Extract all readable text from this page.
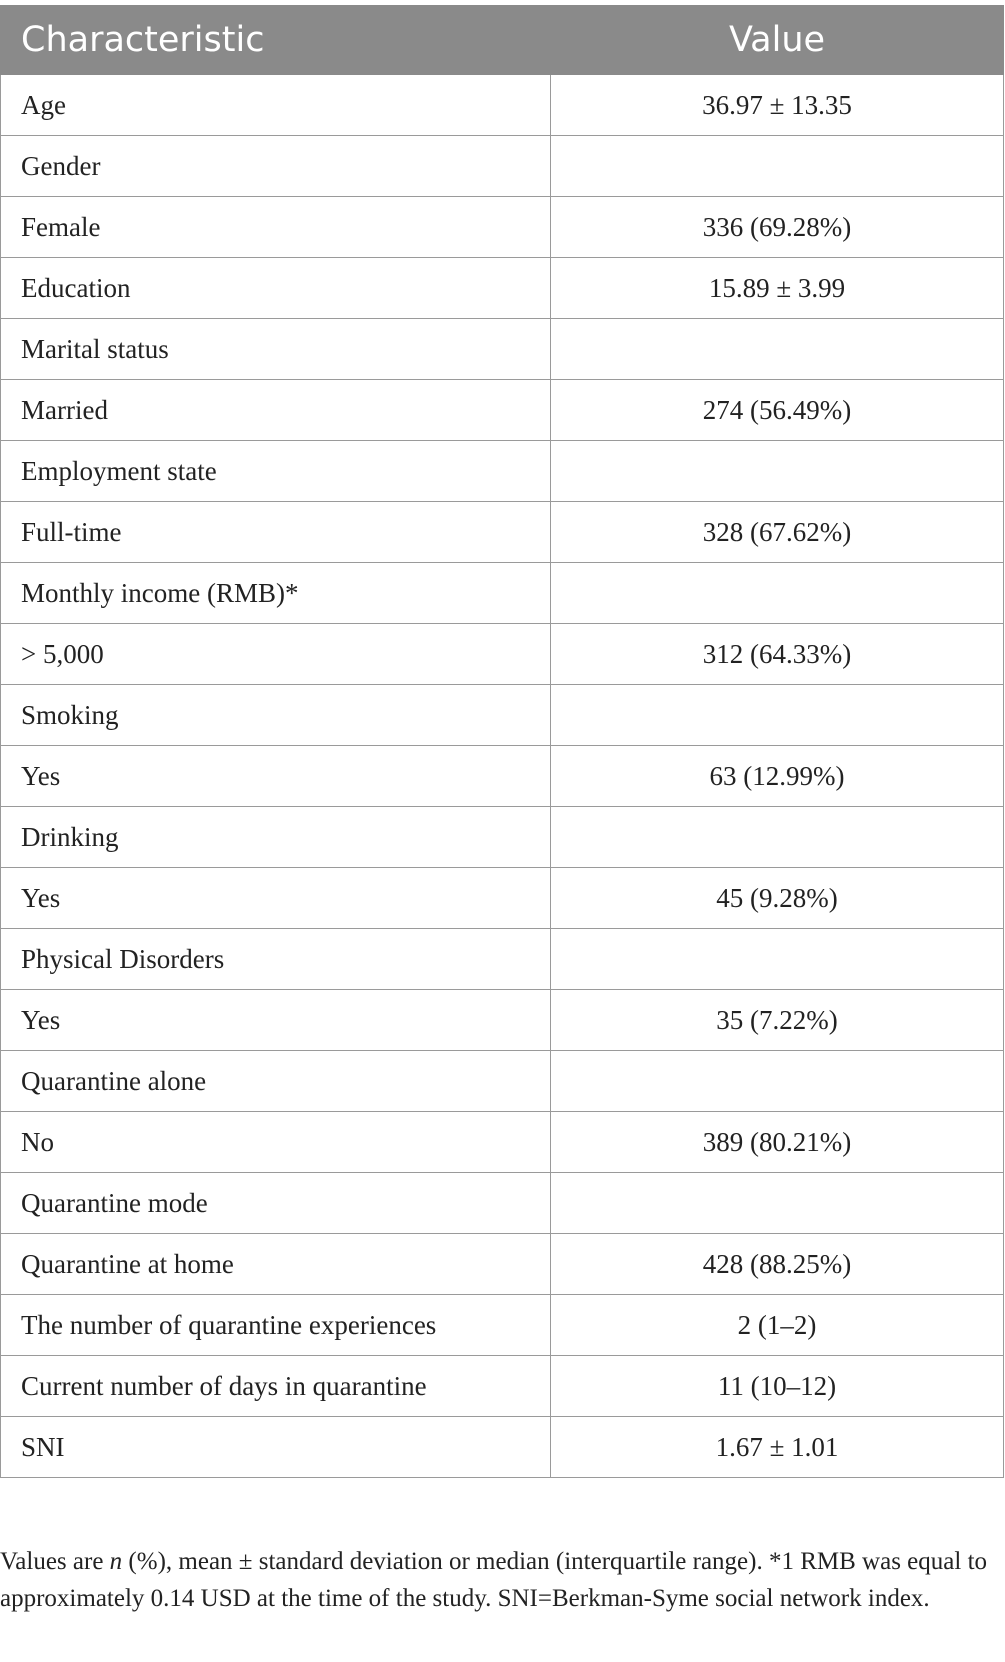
Characteristic	Value
Age	36.97 ± 13.35
Gender	
Female	336 (69.28%)
Education	15.89 ± 3.99
Marital status	
Married	274 (56.49%)
Employment state	
Full-time	328 (67.62%)
Monthly income (RMB)*	
> 5,000	312 (64.33%)
Smoking	
Yes	63 (12.99%)
Drinking	
Yes	45 (9.28%)
Physical Disorders	
Yes	35 (7.22%)
Quarantine alone	
No	389 (80.21%)
Quarantine mode	
Quarantine at home	428 (88.25%)
The number of quarantine experiences	2 (1–2)
Current number of days in quarantine	11 (10–12)
SNI	1.67 ± 1.01
Values are n (%), mean ± standard deviation or median (interquartile range). *1 RMB was equal to approximately 0.14 USD at the time of the study. SNI=Berkman-Syme social network index.
